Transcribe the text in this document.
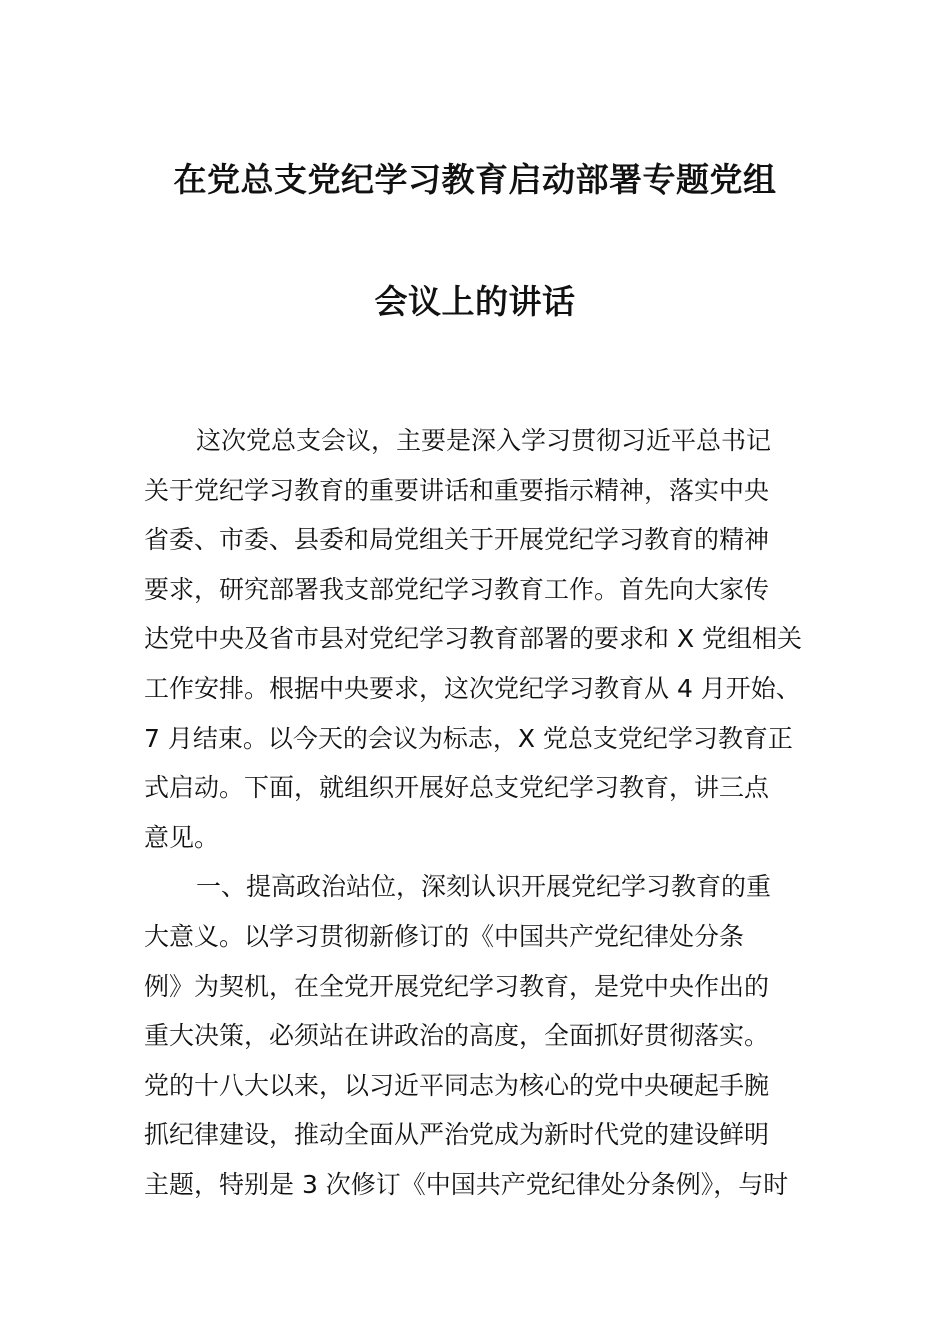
在党总支党纪学习教育启动部署专题党组
会议上的讲话
这次党总支会议，主要是深入学习贯彻习近平总书记
关于党纪学习教育的重要讲话和重要指示精神，落实中央
省委、市委、县委和局党组关于开展党纪学习教育的精神
要求，研究部署我支部党纪学习教育工作。首先向大家传
达党中央及省市县对党纪学习教育部署的要求和 X 党组相关
工作安排。根据中央要求，这次党纪学习教育从 4 月开始、
7 月结束。以今天的会议为标志，X 党总支党纪学习教育正
式启动。下面，就组织开展好总支党纪学习教育，讲三点
意见。
一、提高政治站位，深刻认识开展党纪学习教育的重
大意义。以学习贯彻新修订的《中国共产党纪律处分条
例》为契机，在全党开展党纪学习教育，是党中央作出的
重大决策，必须站在讲政治的高度，全面抓好贯彻落实。
党的十八大以来，以习近平同志为核心的党中央硬起手腕
抓纪律建设，推动全面从严治党成为新时代党的建设鲜明
主题，特别是 3 次修订《中国共产党纪律处分条例》，与时
